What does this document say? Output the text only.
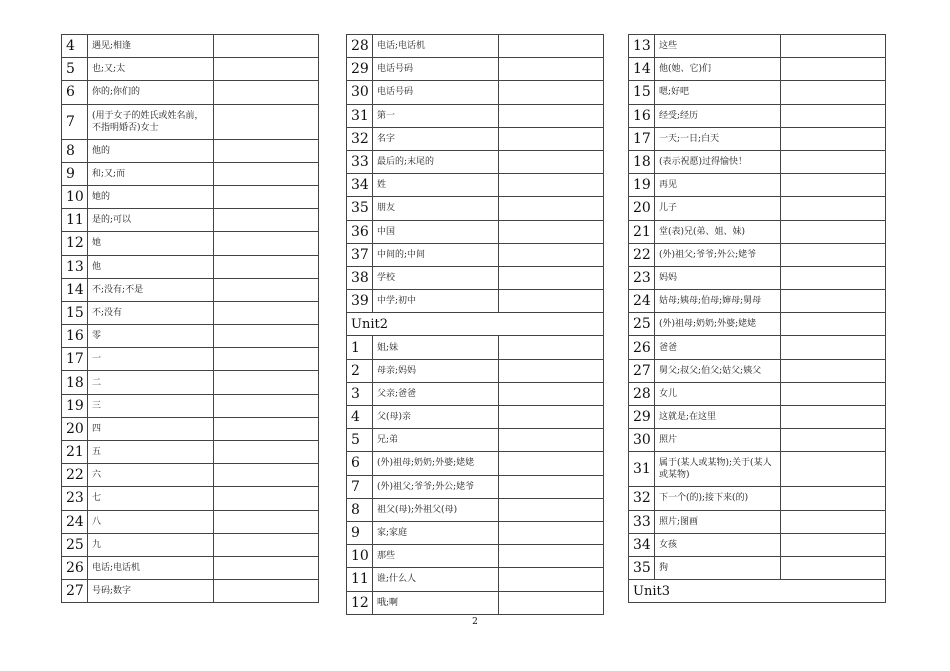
4	遇见;相逢	
5	也;又;太	
6	你的;你们的	
7	(用于女子的姓氏或姓名前，不指明婚否)女士	
8	他的	
9	和;又;而	
10	她的	
11	是的;可以	
12	她	
13	他	
14	不;没有;不是	
15	不;没有	
16	零	
17	一	
18	二	
19	三	
20	四	
21	五	
22	六	
23	七	
24	八	
25	九	
26	电话;电话机	
27	号码;数字	
28	电话;电话机	
29	电话号码	
30	电话号码	
31	第一	
32	名字	
33	最后的;末尾的	
34	姓	
35	朋友	
36	中国	
37	中间的;中间	
38	学校	
39	中学;初中	
Unit2		
1	姐;妹	
2	母亲;妈妈	
3	父亲;爸爸	
4	父(母)亲	
5	兄;弟	
6	(外)祖母;奶奶;外婆;姥姥	
7	(外)祖父;爷爷;外公;姥爷	
8	祖父(母);外祖父(母)	
9	家;家庭	
10	那些	
11	谁;什么人	
12	哦;啊	
13	这些	
14	他(她、它)们	
15	嗯;好吧	
16	经受;经历	
17	一天;一日;白天	
18	(表示祝愿)过得愉快！	
19	再见	
20	儿子	
21	堂(表)兄(弟、姐、妹)	
22	(外)祖父;爷爷;外公;姥爷	
23	妈妈	
24	姑母;姨母;伯母;婶母;舅母	
25	(外)祖母;奶奶;外婆;姥姥	
26	爸爸	
27	舅父;叔父;伯父;姑父;姨父	
28	女儿	
29	这就是;在这里	
30	照片	
31	属于(某人或某物);关于(某人或某物)	
32	下一个(的);接下来(的)	
33	照片;图画	
34	女孩	
35	狗	
Unit3		
2
